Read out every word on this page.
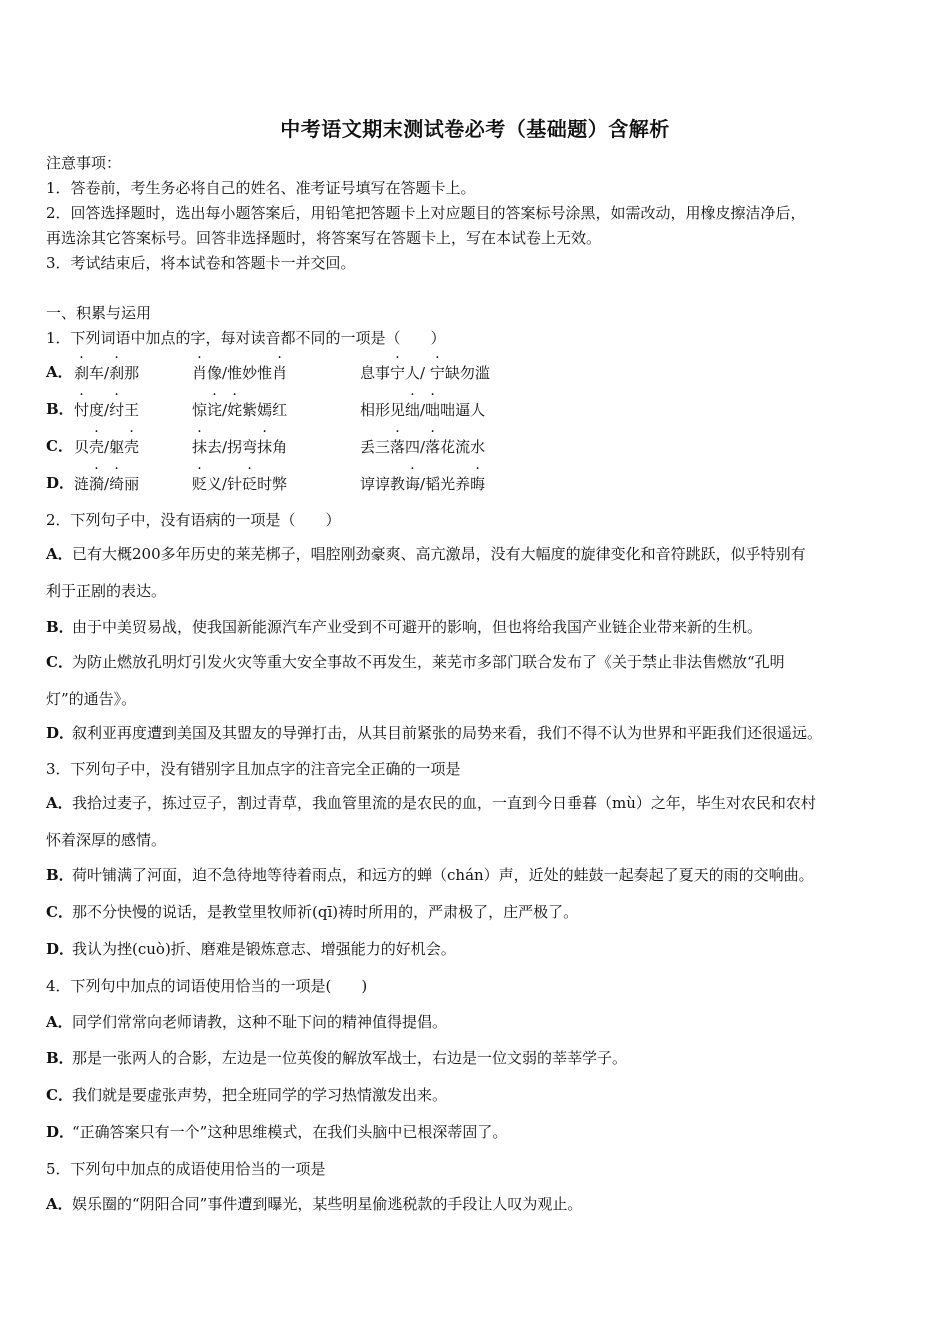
中考语文期末测试卷必考（基础题）含解析
注意事项：
1．答卷前，考生务必将自己的姓名、准考证号填写在答题卡上。
2．回答选择题时，选出每小题答案后，用铅笔把答题卡上对应题目的答案标号涂黑，如需改动，用橡皮擦洁净后，
再选涂其它答案标号。回答非选择题时，将答案写在答题卡上，写在本试卷上无效。
3．考试结束后，将本试卷和答题卡一并交回。
一、积累与运用
1．下列词语中加点的字，每对读音都不同的一项是（　　）
A． 刹车/刹那	肖像/惟妙惟肖	息事宁人/ 宁缺勿滥
B． 忖度/纣王	惊诧/姹紫嫣红	相形见绌/咄咄逼人
C． 贝壳/躯壳	抹去/拐弯抹角	丢三落四/落花流水
D． 涟漪/绮丽	贬义/针砭时弊	谆谆教诲/韬光养晦
2．下列句子中，没有语病的一项是（　　）
A．已有大概200多年历史的莱芜梆子，唱腔刚劲豪爽、高亢激昂，没有大幅度的旋律变化和音符跳跃，似乎特别有
利于正剧的表达。
B．由于中美贸易战，使我国新能源汽车产业受到不可避开的影响，但也将给我国产业链企业带来新的生机。
C．为防止燃放孔明灯引发火灾等重大安全事故不再发生，莱芜市多部门联合发布了《关于禁止非法售燃放“孔明
灯”的通告》。
D．叙利亚再度遭到美国及其盟友的导弹打击，从其目前紧张的局势来看，我们不得不认为世界和平距我们还很遥远。
3．下列句子中，没有错别字且加点字的注音完全正确的一项是
A．我拾过麦子，拣过豆子，割过青草，我血管里流的是农民的血，一直到今日垂暮（mù）之年，毕生对农民和农村
怀着深厚的感情。
B．荷叶铺满了河面，迫不急待地等待着雨点，和远方的蝉（chán）声，近处的蛙鼓一起奏起了夏天的雨的交响曲。
C．那不分快慢的说话，是教堂里牧师祈(qī)祷时所用的，严肃极了，庄严极了。
D．我认为挫(cuò)折、磨难是锻炼意志、增强能力的好机会。
4．下列句中加点的词语使用恰当的一项是(　　)
A．同学们常常向老师请教，这种不耻下问的精神值得提倡。
B．那是一张两人的合影，左边是一位英俊的解放军战士，右边是一位文弱的莘莘学子。
C．我们就是要虚张声势，把全班同学的学习热情激发出来。
D．“正确答案只有一个”这种思维模式，在我们头脑中已根深蒂固了。
5．下列句中加点的成语使用恰当的一项是
A．娱乐圈的“阴阳合同”事件遭到曝光，某些明星偷逃税款的手段让人叹为观止。
